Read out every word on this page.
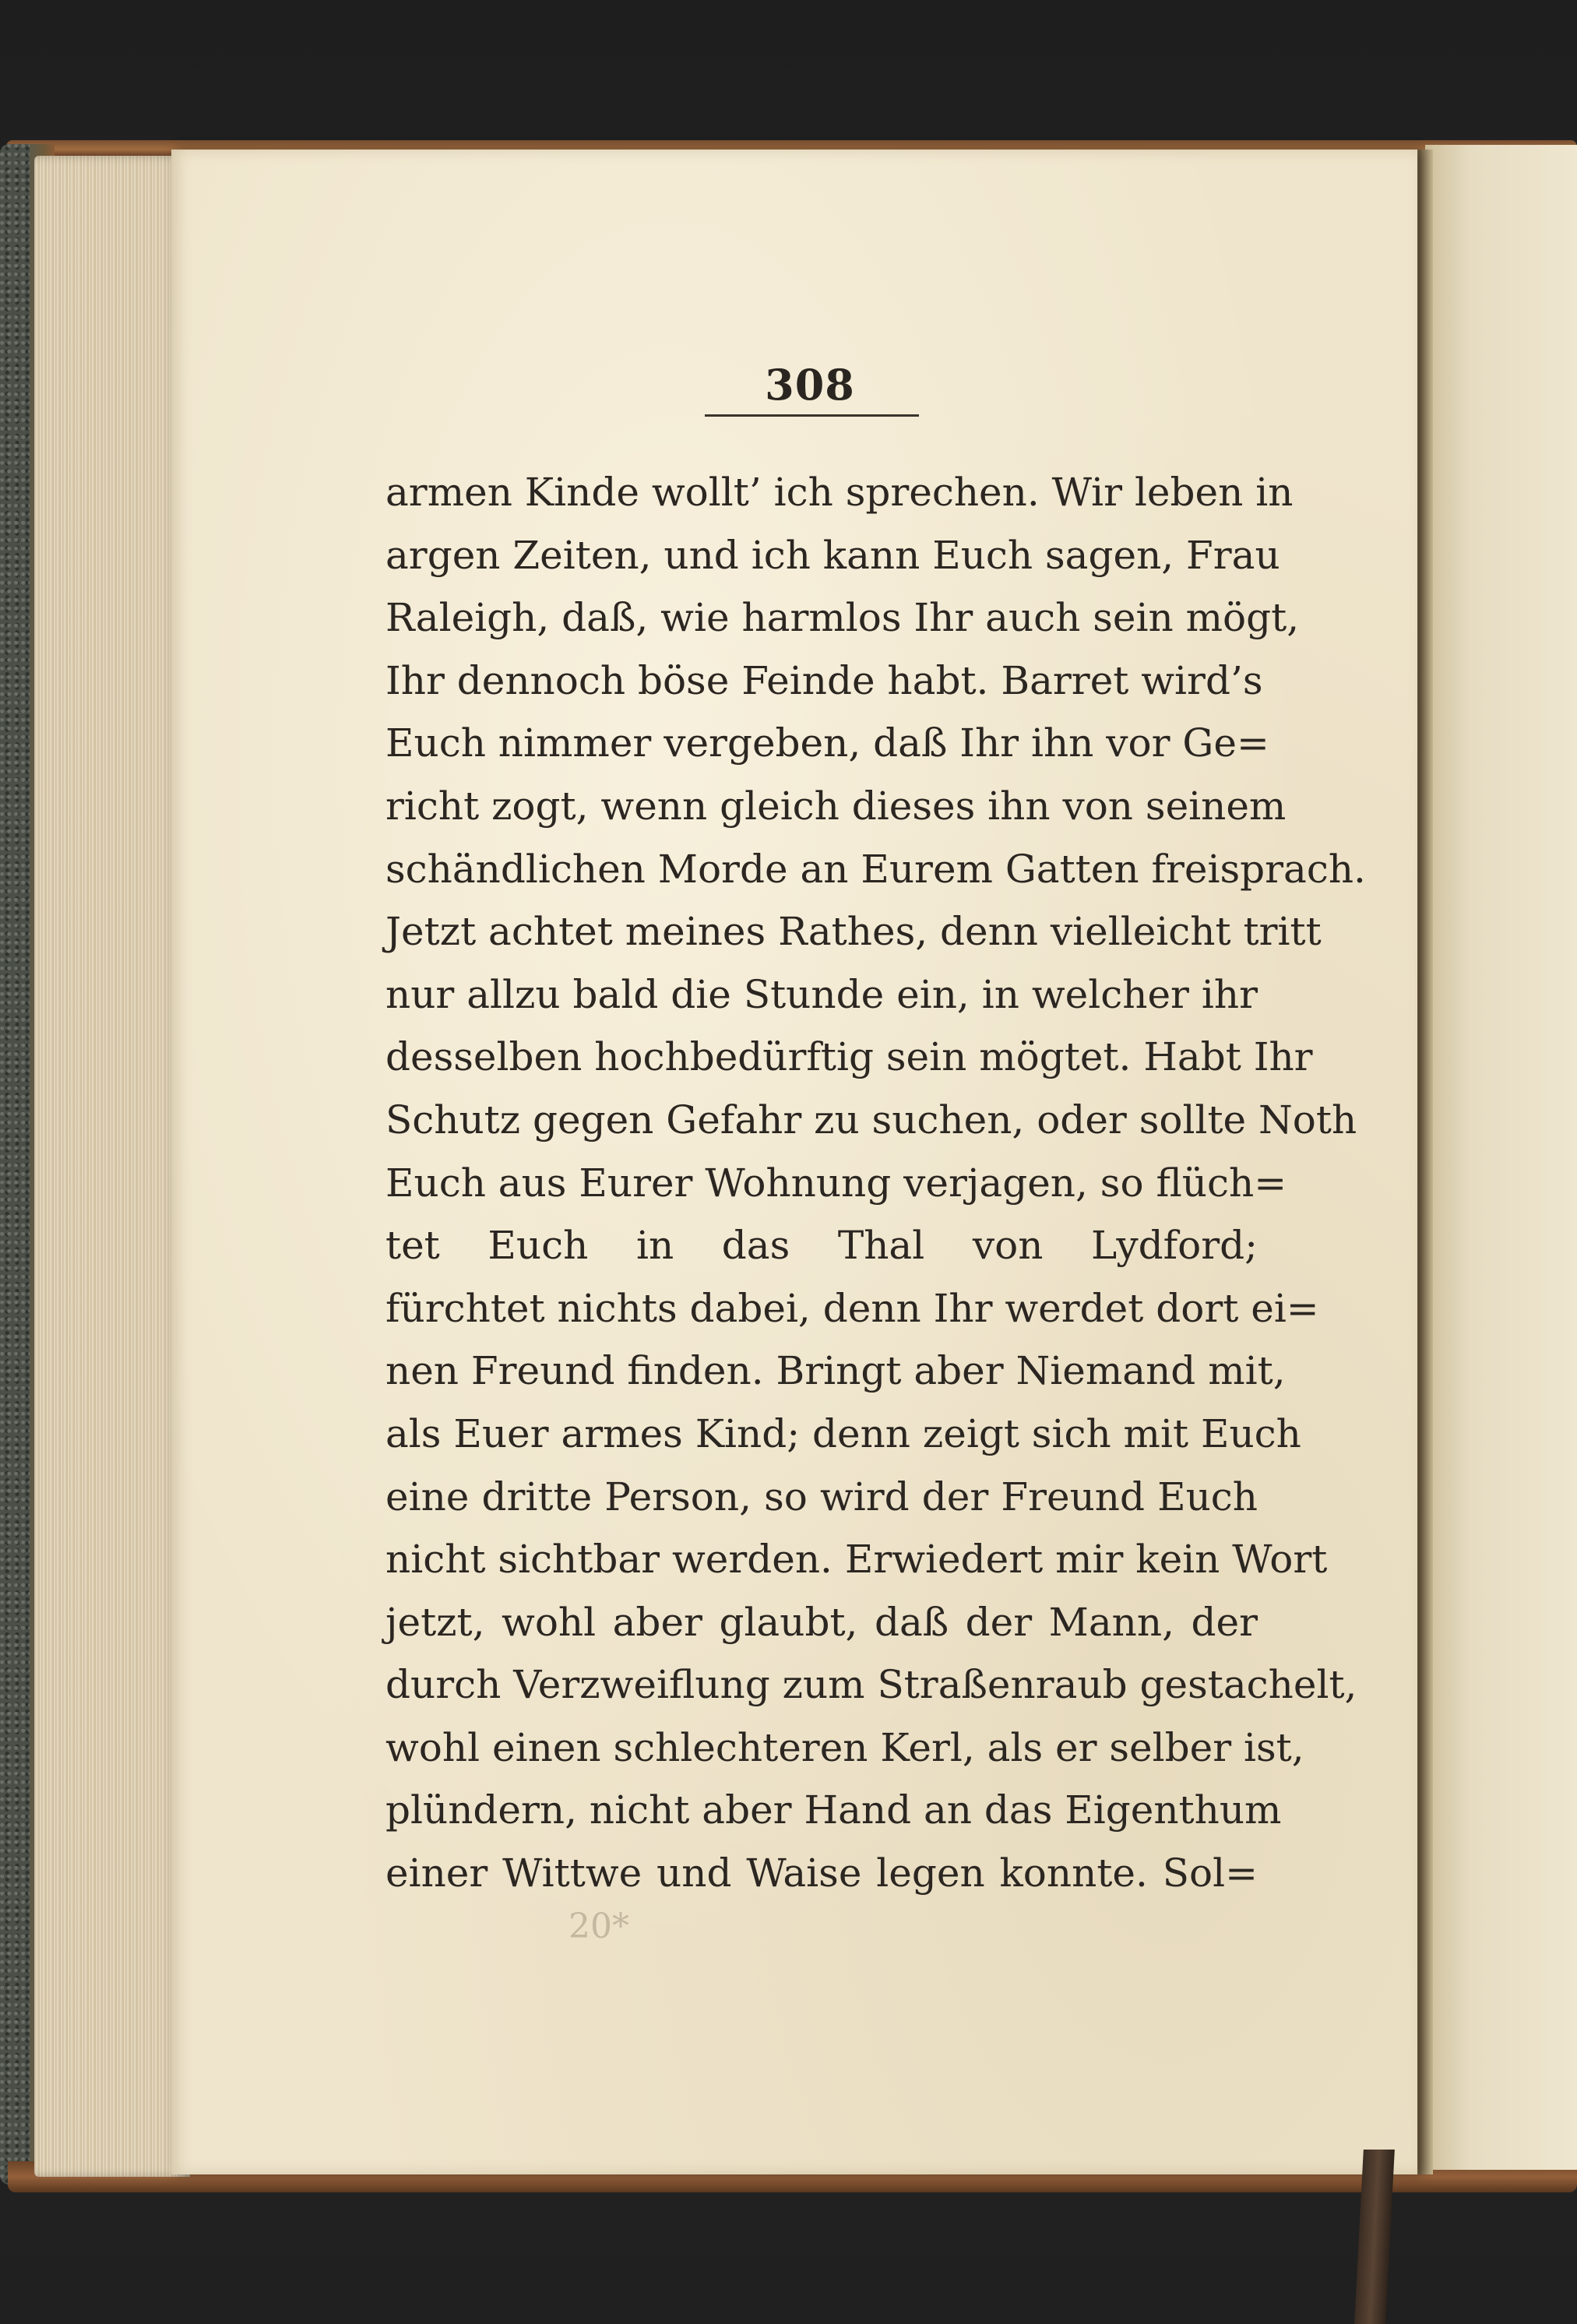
308
armen Kinde wollt’ ich sprechen. Wir leben in
argen Zeiten, und ich kann Euch sagen, Frau
Raleigh, daß, wie harmlos Ihr auch sein mögt,
Ihr dennoch böse Feinde habt. Barret wird’s
Euch nimmer vergeben, daß Ihr ihn vor Ge=
richt zogt, wenn gleich dieses ihn von seinem
schändlichen Morde an Eurem Gatten freisprach.
Jetzt achtet meines Rathes, denn vielleicht tritt
nur allzu bald die Stunde ein, in welcher ihr
desselben hochbedürftig sein mögtet. Habt Ihr
Schutz gegen Gefahr zu suchen, oder sollte Noth
Euch aus Eurer Wohnung verjagen, so flüch=
tet Euch in das Thal von Lydford;
fürchtet nichts dabei, denn Ihr werdet dort ei=
nen Freund finden. Bringt aber Niemand mit,
als Euer armes Kind; denn zeigt sich mit Euch
eine dritte Person, so wird der Freund Euch
nicht sichtbar werden. Erwiedert mir kein Wort
jetzt, wohl aber glaubt, daß der Mann, der
durch Verzweiflung zum Straßenraub gestachelt,
wohl einen schlechteren Kerl, als er selber ist,
plündern, nicht aber Hand an das Eigenthum
einer Wittwe und Waise legen konnte. Sol=
20*
